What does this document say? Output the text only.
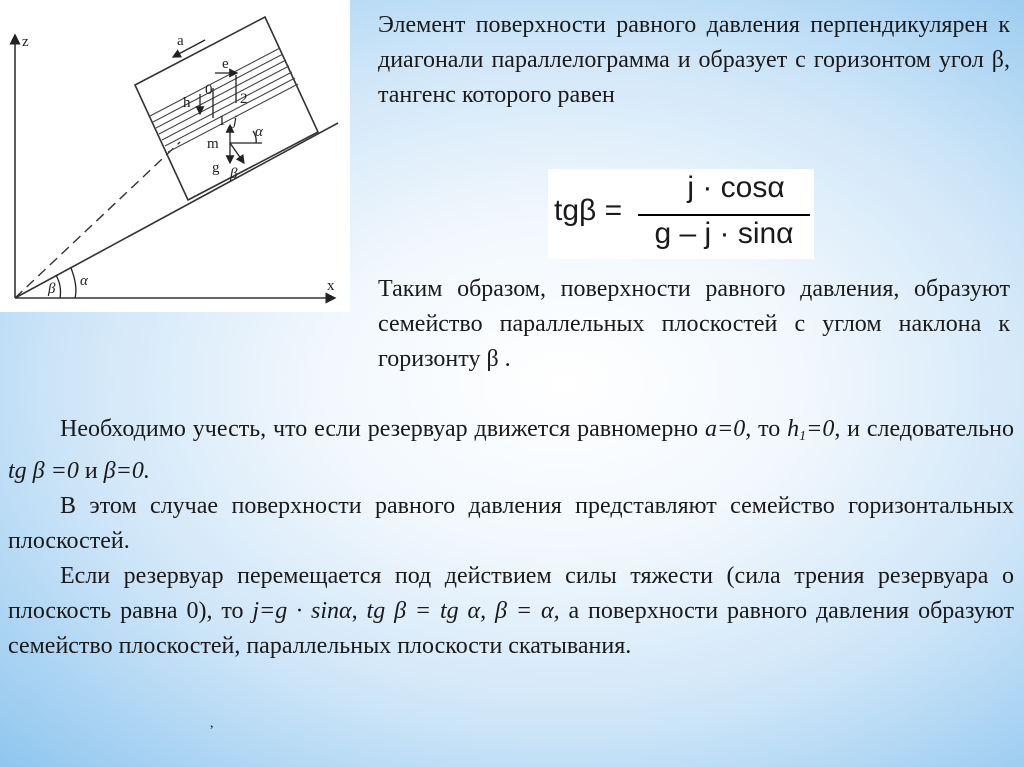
z
x
a
e
h
0
2
1 j
α
m
g β
β α
Элемент поверхности равного давления перпендикулярен к диагонали параллелограмма и образует с горизонтом угол β, тангенс которого равен
tgβ =
j · cosα
g – j · sinα
Таким образом, поверхности равного давления, образуют семейство параллельных плоскостей с углом наклона к горизонту β .

Необходимо учесть, что если резервуар движется равномерно a=0, то $h_1=0$, и следовательно tg β =0 и β=0.

В этом случае поверхности равного давления представляют семейство горизонтальных плоскостей.

Если резервуар перемещается под действием силы тяжести (сила трения резервуара о плоскость равна 0), то j=g · sinα, tg β = tg α, β = α, а поверхности равного давления образуют семейство плоскостей, параллельных плоскости скатывания.

,
